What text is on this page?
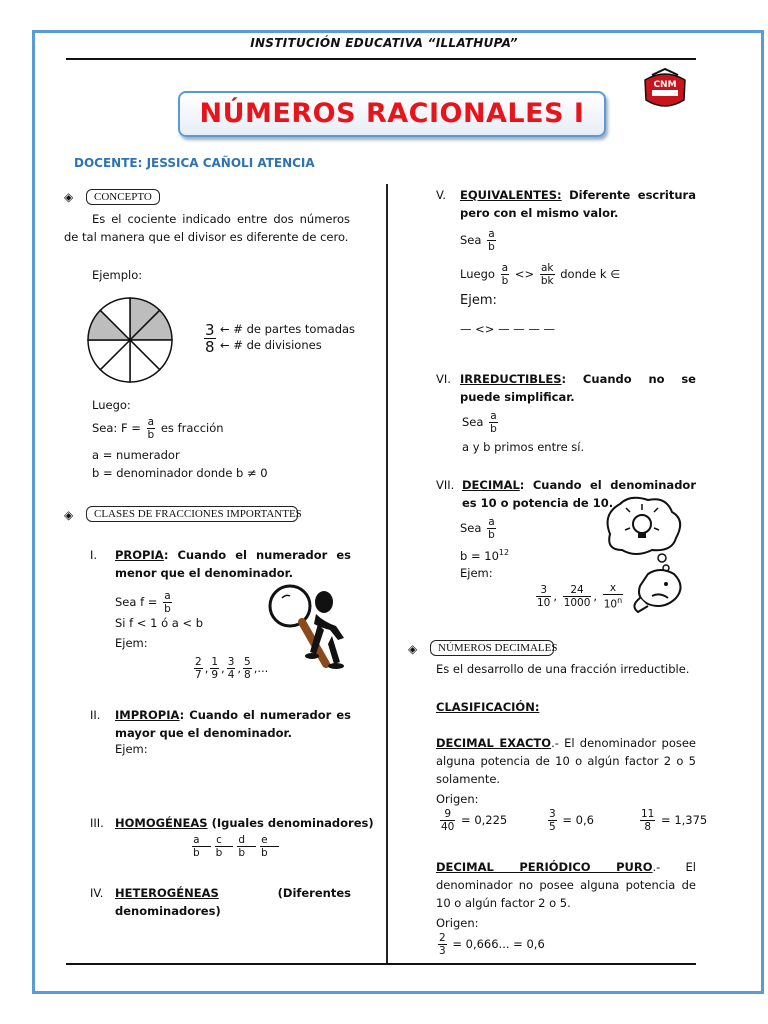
INSTITUCIÓN EDUCATIVA “ILLATHUPA”
CNM
NÚMEROS RACIONALES I
DOCENTE: JESSICA CAÑOLI ATENCIA
◈	CONCEPTO
Es el cociente indicado entre dos números de tal manera que el divisor es diferente de cero.
Ejemplo:
$\frac{3}{8}$ ← # de partes tomadas
← # de divisiones
Luego:
Sea: $F = \frac{a}{b}$ es fracción
a = numerador
b = denominador donde b ≠ 0
◈	CLASES DE FRACCIONES IMPORTANTES
I. PROPIA: Cuando el numerador es menor que el denominador.
Sea $f = \frac{a}{b}$
Si f < 1 ó a < b
Ejem:
$\frac{2}{7}$ , $\frac{1}{9}$ , $\frac{3}{4}$ , $\frac{5}{8}$ ,...
II. IMPROPIA: Cuando el numerador es mayor que el denominador.
Ejem:
III. HOMOGÉNEAS (Iguales denominadores)
$\frac{a}{b} \frac{c}{b} \frac{d}{b} \frac{e}{b}$
IV. HETEROGÉNEAS	(Diferentes
denominadores)
V. EQUIVALENTES: Diferente escritura pero con el mismo valor.
Sea $\frac{a}{b}$
Luego $\frac{a}{b} <> \frac{ak}{bk}$ donde k ∈
Ejem:
— <> — — — —
VI. IRREDUCTIBLES: Cuando no se puede simplificar.
Sea $\frac{a}{b}$
a y b primos entre sí.
VII. DECIMAL: Cuando el denominador es 10 o potencia de 10.
Sea $\frac{a}{b}$
$b = 10^{12}$
Ejem:
$\frac{3}{10}$ , $\frac{24}{1000}$ , $\frac{x}{10^n}$
◈	NÚMEROS DECIMALES
Es el desarrollo de una fracción irreductible.
CLASIFICACIÓN:
DECIMAL EXACTO.- El denominador posee alguna potencia de 10 o algún factor 2 o 5 solamente.
Origen:
$\frac{9}{40} = 0,225$	$\frac{3}{5} = 0,6$	$\frac{11}{8} = 1,375$
DECIMAL PERIÓDICO PURO.- El denominador no posee alguna potencia de 10 o algún factor 2 o 5.
Origen:
$\frac{2}{3} = 0,666$... = 0,6
